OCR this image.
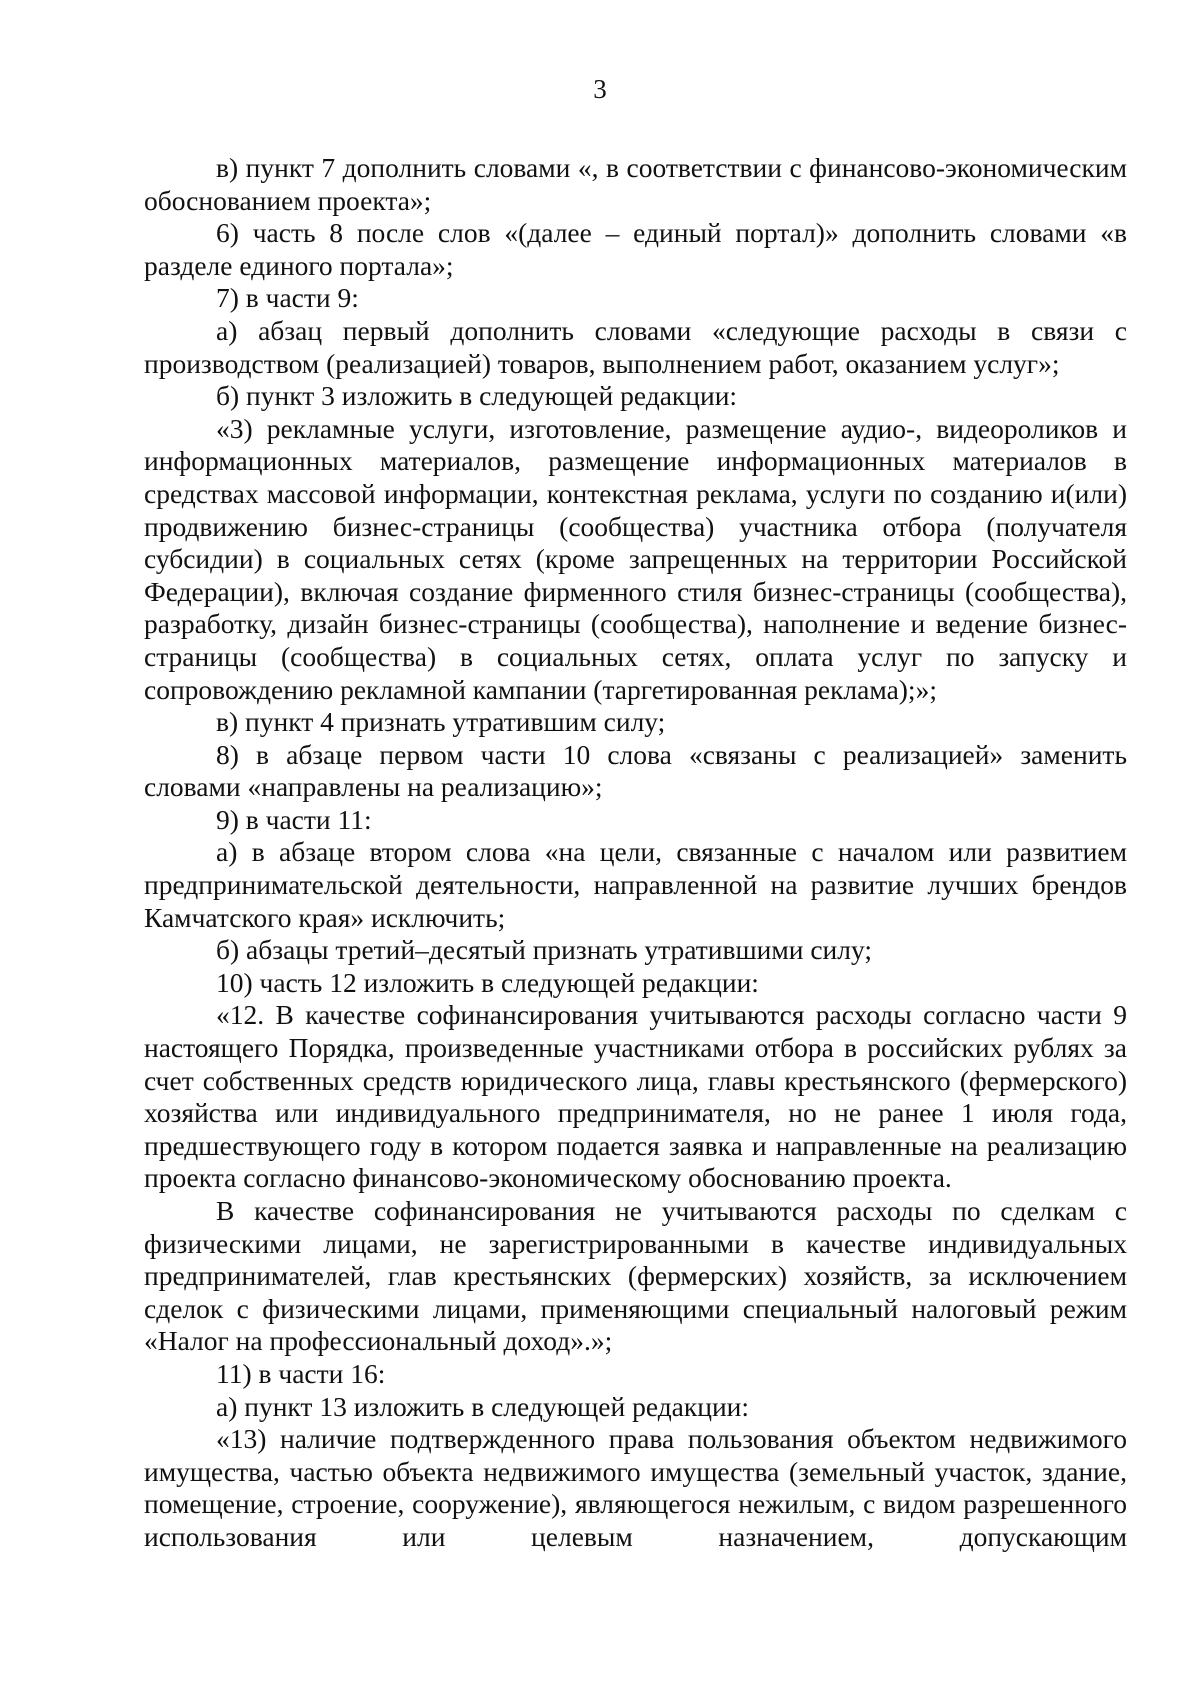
3

в) пункт 7 дополнить словами «, в соответствии с финансово-экономическим обоснованием проекта»;

6) часть 8 после слов «(далее – единый портал)» дополнить словами «в разделе единого портала»;

7) в части 9:

а) абзац первый дополнить словами «следующие расходы в связи с производством (реализацией) товаров, выполнением работ, оказанием услуг»;

б) пункт 3 изложить в следующей редакции:

«3) рекламные услуги, изготовление, размещение аудио-, видеороликов и информационных материалов, размещение информационных материалов в средствах массовой информации, контекстная реклама, услуги по созданию и(или) продвижению бизнес-страницы (сообщества) участника отбора (получателя субсидии) в социальных сетях (кроме запрещенных на территории Российской Федерации), включая создание фирменного стиля бизнес-страницы (сообщества), разработку, дизайн бизнес-страницы (сообщества), наполнение и ведение бизнес-страницы (сообщества) в социальных сетях, оплата услуг по запуску и сопровождению рекламной кампании (таргетированная реклама);»;

в) пункт 4 признать утратившим силу;

8) в абзаце первом части 10 слова «связаны с реализацией» заменить словами «направлены на реализацию»;

9) в части 11:

а) в абзаце втором слова «на цели, связанные с началом или развитием предпринимательской деятельности, направленной на развитие лучших брендов Камчатского края» исключить;

б) абзацы третий–десятый признать утратившими силу;

10) часть 12 изложить в следующей редакции:

«12. В качестве софинансирования учитываются расходы согласно части 9 настоящего Порядка, произведенные участниками отбора в российских рублях за счет собственных средств юридического лица, главы крестьянского (фермерского) хозяйства или индивидуального предпринимателя, но не ранее 1 июля года, предшествующего году в котором подается заявка и направленные на реализацию проекта согласно финансово-экономическому обоснованию проекта.

В качестве софинансирования не учитываются расходы по сделкам с физическими лицами, не зарегистрированными в качестве индивидуальных предпринимателей, глав крестьянских (фермерских) хозяйств, за исключением сделок с физическими лицами, применяющими специальный налоговый режим «Налог на профессиональный доход».»;

11) в части 16:

а) пункт 13 изложить в следующей редакции:

«13) наличие подтвержденного права пользования объектом недвижимого имущества, частью объекта недвижимого имущества (земельный участок, здание, помещение, строение, сооружение), являющегося нежилым, с видом разрешенного использования или целевым назначением, допускающим
